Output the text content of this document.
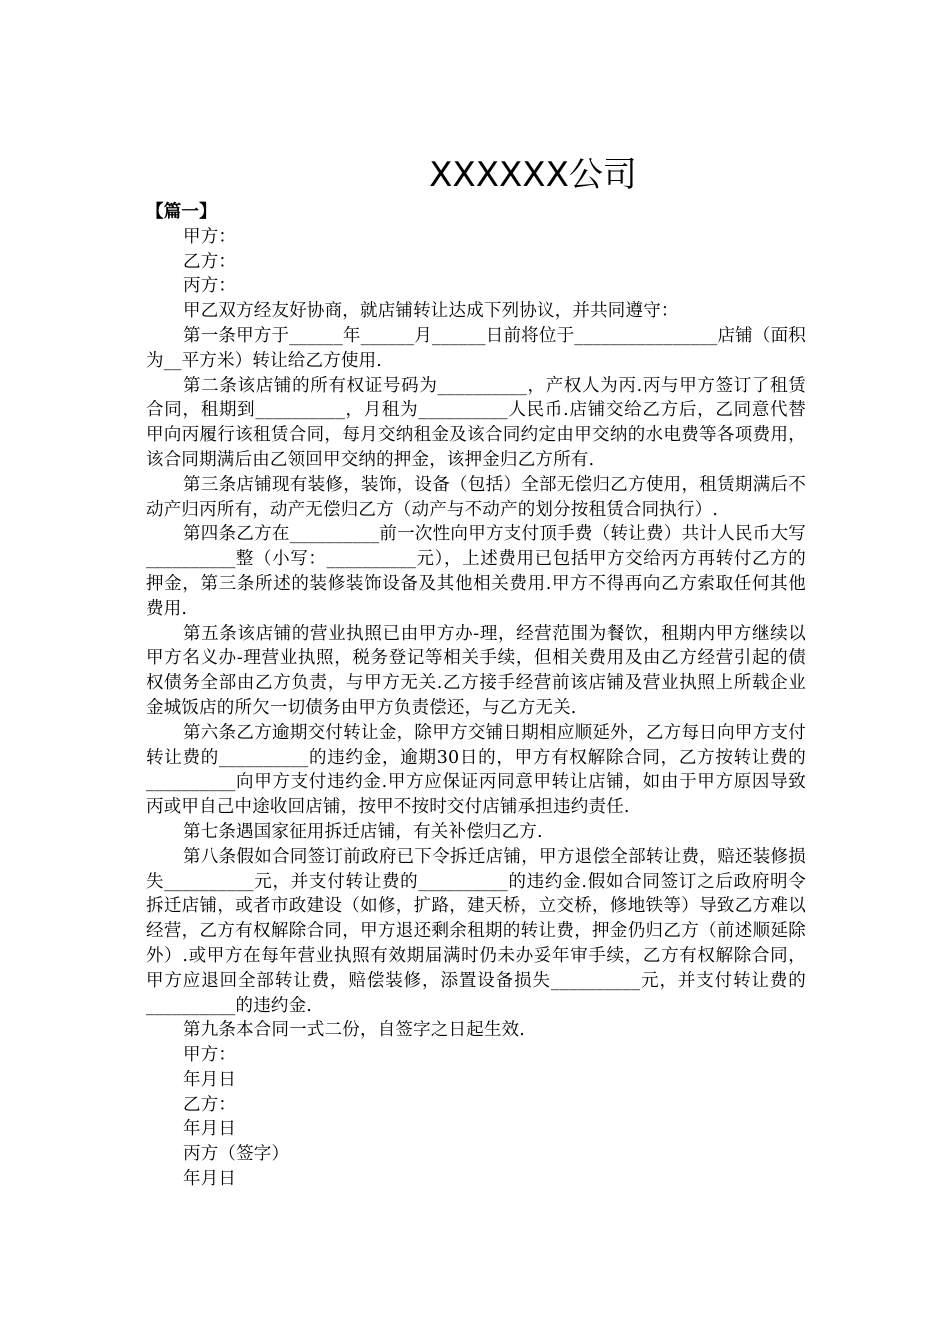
XXXXXX公司

【篇一】

甲方：

乙方：

丙方：

甲乙双方经友好协商，就店铺转让达成下列协议，并共同遵守：

第一条甲方于______年______月______日前将位于________________店铺（面积为__平方米）转让给乙方使用.

第二条该店铺的所有权证号码为__________，产权人为丙.丙与甲方签订了租赁合同，租期到__________，月租为__________人民币.店铺交给乙方后，乙同意代替甲向丙履行该租赁合同，每月交纳租金及该合同约定由甲交纳的水电费等各项费用，该合同期满后由乙领回甲交纳的押金，该押金归乙方所有.

第三条店铺现有装修，装饰，设备（包括）全部无偿归乙方使用，租赁期满后不动产归丙所有，动产无偿归乙方（动产与不动产的划分按租赁合同执行）.

第四条乙方在__________前一次性向甲方支付顶手费（转让费）共计人民币大写__________整（小写：__________元），上述费用已包括甲方交给丙方再转付乙方的押金，第三条所述的装修装饰设备及其他相关费用.甲方不得再向乙方索取任何其他费用.

第五条该店铺的营业执照已由甲方办-理，经营范围为餐饮，租期内甲方继续以甲方名义办-理营业执照，税务登记等相关手续，但相关费用及由乙方经营引起的债权债务全部由乙方负责，与甲方无关.乙方接手经营前该店铺及营业执照上所载企业金城饭店的所欠一切债务由甲方负责偿还，与乙方无关.

第六条乙方逾期交付转让金，除甲方交铺日期相应顺延外，乙方每日向甲方支付转让费的__________的违约金，逾期30日的，甲方有权解除合同，乙方按转让费的__________向甲方支付违约金.甲方应保证丙同意甲转让店铺，如由于甲方原因导致丙或甲自己中途收回店铺，按甲不按时交付店铺承担违约责任.

第七条遇国家征用拆迁店铺，有关补偿归乙方.

第八条假如合同签订前政府已下令拆迁店铺，甲方退偿全部转让费，赔还装修损失__________元，并支付转让费的__________的违约金.假如合同签订之后政府明令拆迁店铺，或者市政建设（如修，扩路，建天桥，立交桥，修地铁等）导致乙方难以经营，乙方有权解除合同，甲方退还剩余租期的转让费，押金仍归乙方（前述顺延除外）.或甲方在每年营业执照有效期届满时仍未办妥年审手续，乙方有权解除合同，甲方应退回全部转让费，赔偿装修，添置设备损失__________元，并支付转让费的__________的违约金.

第九条本合同一式二份，自签字之日起生效.

甲方：

年月日

乙方：

年月日

丙方（签字）

年月日
